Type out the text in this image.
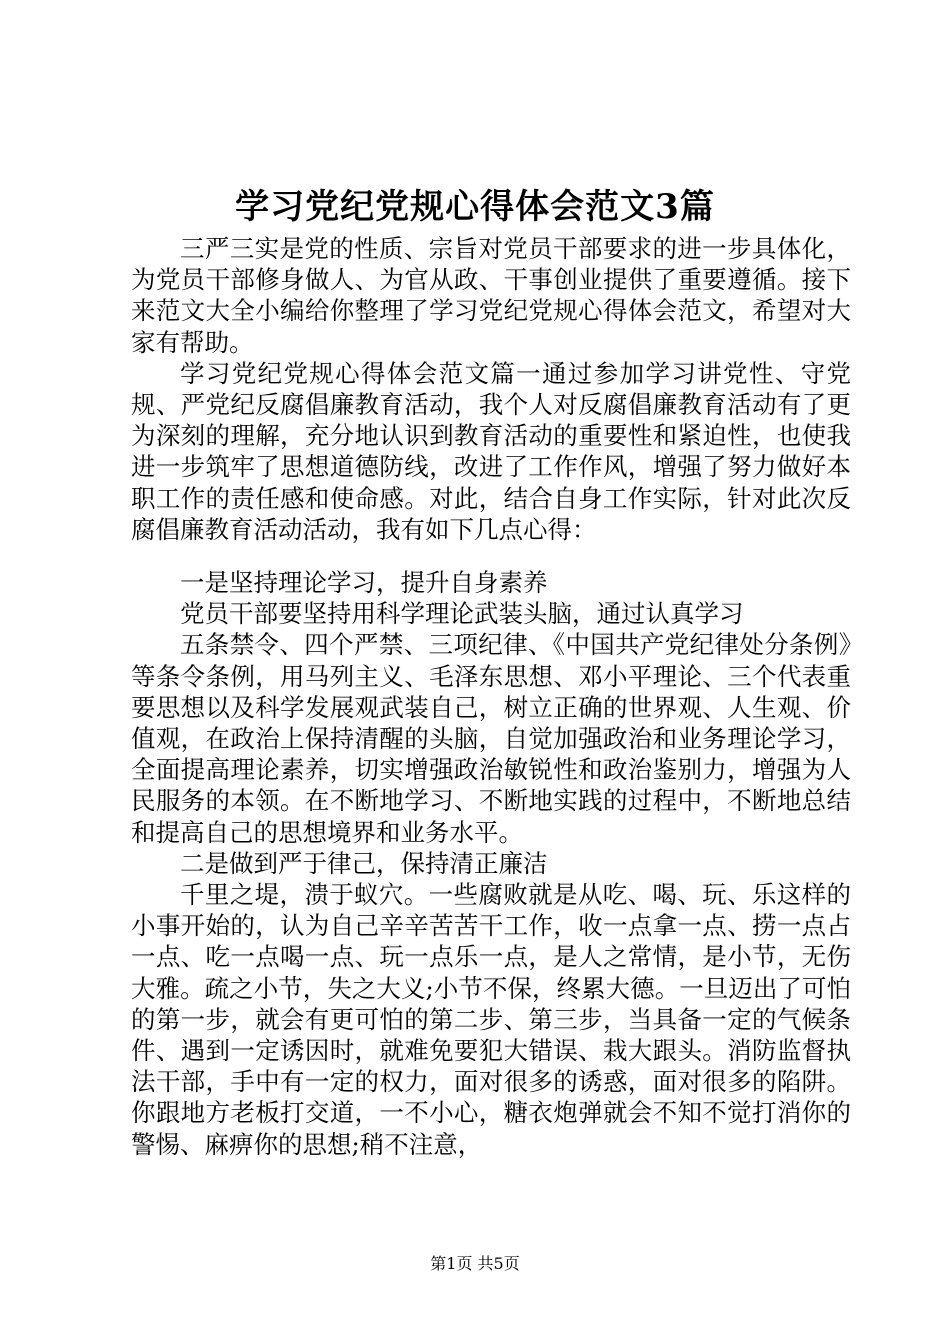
学习党纪党规心得体会范文3篇

三严三实是党的性质、宗旨对党员干部要求的进一步具体化，为党员干部修身做人、为官从政、干事创业提供了重要遵循。接下来范文大全小编给你整理了学习党纪党规心得体会范文，希望对大家有帮助。

学习党纪党规心得体会范文篇一通过参加学习讲党性、守党规、严党纪反腐倡廉教育活动，我个人对反腐倡廉教育活动有了更为深刻的理解，充分地认识到教育活动的重要性和紧迫性，也使我进一步筑牢了思想道德防线，改进了工作作风，增强了努力做好本职工作的责任感和使命感。对此，结合自身工作实际，针对此次反腐倡廉教育活动活动，我有如下几点心得：

一是坚持理论学习，提升自身素养

党员干部要坚持用科学理论武装头脑，通过认真学习

五条禁令、四个严禁、三项纪律、《中国共产党纪律处分条例》等条令条例，用马列主义、毛泽东思想、邓小平理论、三个代表重要思想以及科学发展观武装自己，树立正确的世界观、人生观、价值观，在政治上保持清醒的头脑，自觉加强政治和业务理论学习，全面提高理论素养，切实增强政治敏锐性和政治鉴别力，增强为人民服务的本领。在不断地学习、不断地实践的过程中，不断地总结和提高自己的思想境界和业务水平。

二是做到严于律己，保持清正廉洁

千里之堤，溃于蚁穴。一些腐败就是从吃、喝、玩、乐这样的小事开始的，认为自己辛辛苦苦干工作，收一点拿一点、捞一点占一点、吃一点喝一点、玩一点乐一点，是人之常情，是小节，无伤大雅。疏之小节，失之大义;小节不保，终累大德。一旦迈出了可怕的第一步，就会有更可怕的第二步、第三步，当具备一定的气候条件、遇到一定诱因时，就难免要犯大错误、栽大跟头。消防监督执法干部，手中有一定的权力，面对很多的诱惑，面对很多的陷阱。你跟地方老板打交道，一不小心，糖衣炮弹就会不知不觉打消你的警惕、麻痹你的思想;稍不注意，

第1页 共5页
